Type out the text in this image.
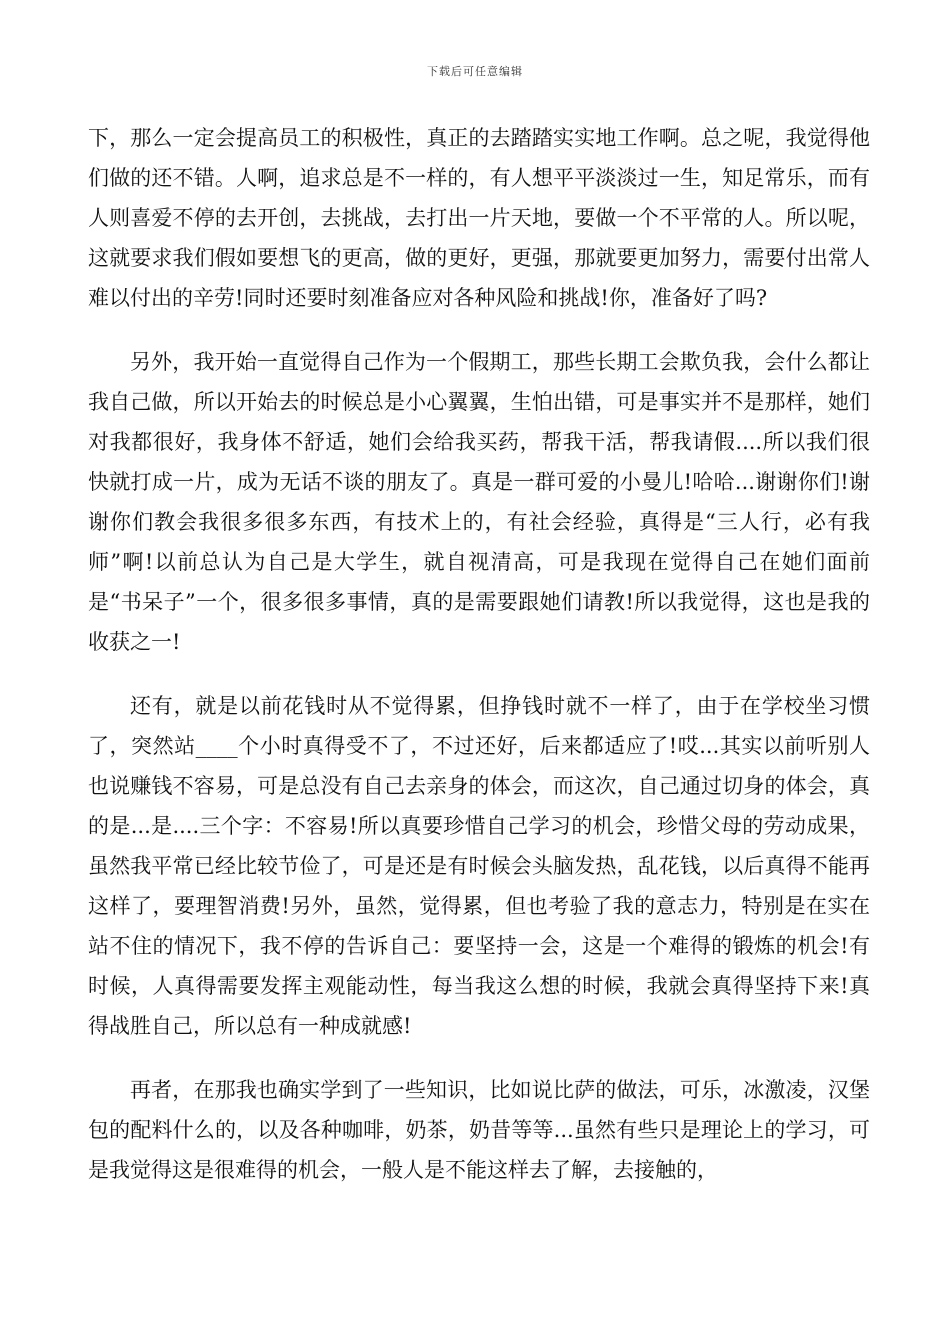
下载后可任意编辑

下，那么一定会提高员工的积极性，真正的去踏踏实实地工作啊。总之呢，我觉得他们做的还不错。人啊，追求总是不一样的，有人想平平淡淡过一生，知足常乐，而有人则喜爱不停的去开创，去挑战，去打出一片天地，要做一个不平常的人。所以呢，这就要求我们假如要想飞的更高，做的更好，更强，那就要更加努力，需要付出常人难以付出的辛劳!同时还要时刻准备应对各种风险和挑战!你，准备好了吗?

另外，我开始一直觉得自己作为一个假期工，那些长期工会欺负我，会什么都让我自己做，所以开始去的时候总是小心翼翼，生怕出错，可是事实并不是那样，她们对我都很好，我身体不舒适，她们会给我买药，帮我干活，帮我请假....所以我们很快就打成一片，成为无话不谈的朋友了。真是一群可爱的小曼儿!哈哈...谢谢你们!谢谢你们教会我很多很多东西，有技术上的，有社会经验，真得是“三人行，必有我师”啊!以前总认为自己是大学生，就自视清高，可是我现在觉得自己在她们面前是“书呆子”一个，很多很多事情，真的是需要跟她们请教!所以我觉得，这也是我的收获之一!

还有，就是以前花钱时从不觉得累，但挣钱时就不一样了，由于在学校坐习惯了，突然站____个小时真得受不了，不过还好，后来都适应了!哎...其实以前听别人也说赚钱不容易，可是总没有自己去亲身的体会，而这次，自己通过切身的体会，真的是...是....三个字：不容易!所以真要珍惜自己学习的机会，珍惜父母的劳动成果，虽然我平常已经比较节俭了，可是还是有时候会头脑发热，乱花钱，以后真得不能再这样了，要理智消费!另外，虽然，觉得累，但也考验了我的意志力，特别是在实在站不住的情况下，我不停的告诉自己：要坚持一会，这是一个难得的锻炼的机会!有时候，人真得需要发挥主观能动性，每当我这么想的时候，我就会真得坚持下来!真得战胜自己，所以总有一种成就感!

再者，在那我也确实学到了一些知识，比如说比萨的做法，可乐，冰激凌，汉堡包的配料什么的，以及各种咖啡，奶茶，奶昔等等...虽然有些只是理论上的学习，可是我觉得这是很难得的机会，一般人是不能这样去了解，去接触的，
